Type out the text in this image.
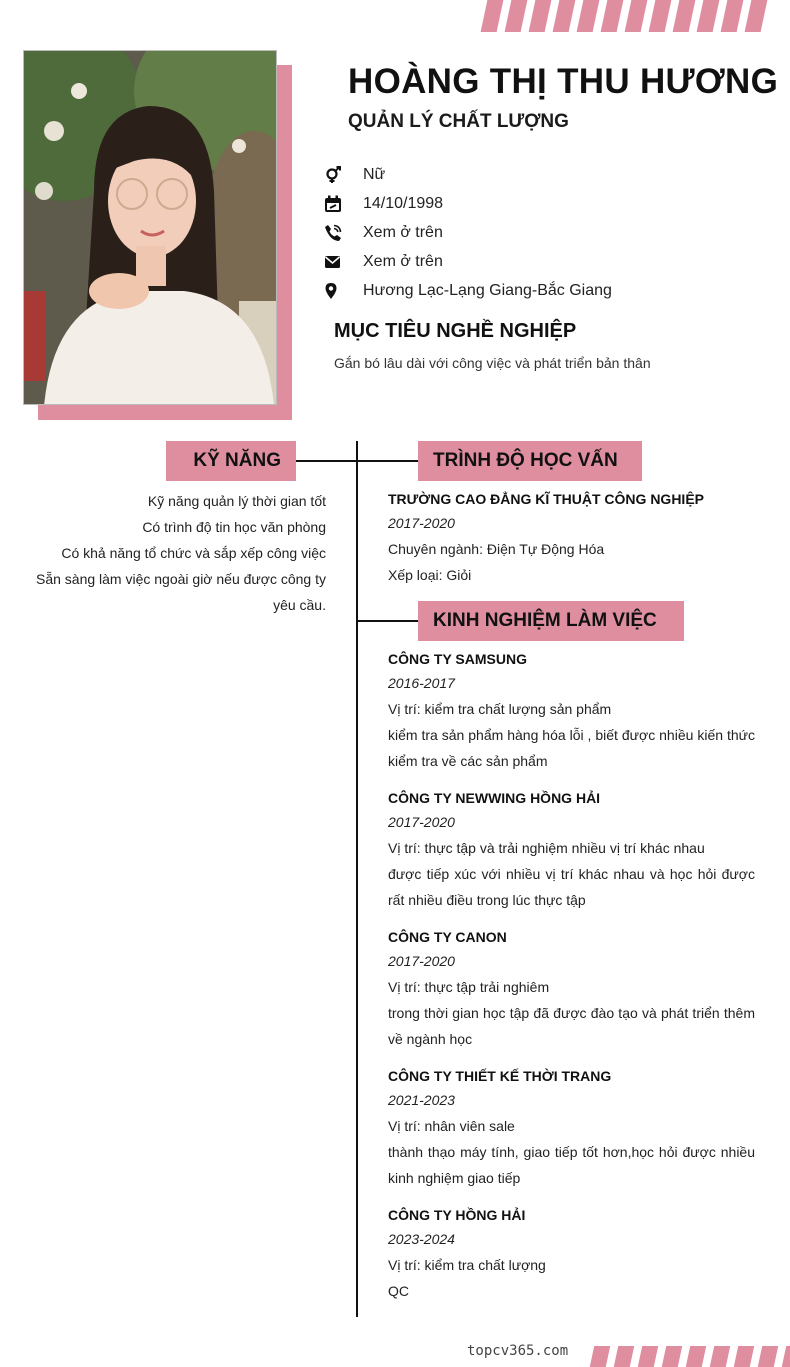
HOÀNG THỊ THU HƯƠNG
QUẢN LÝ CHẤT LƯỢNG
Nữ
14/10/1998
Xem ở trên
Xem ở trên
Hương Lạc-Lạng Giang-Bắc Giang
MỤC TIÊU NGHỀ NGHIỆP
Gắn bó lâu dài với công việc và phát triển bản thân
KỸ NĂNG	TRÌNH ĐỘ HỌC VẤN
KINH NGHIỆM LÀM VIỆC
Kỹ năng quản lý thời gian tốt
Có trình độ tin học văn phòng
Có khả năng tổ chức và sắp xếp công việc
Sẵn sàng làm việc ngoài giờ nếu được công ty yêu cầu.
TRƯỜNG CAO ĐẲNG KĨ THUẬT CÔNG NGHIỆP
2017-2020
Chuyên ngành: Điện Tự Động Hóa
Xếp loại: Giỏi
CÔNG TY SAMSUNG
2016-2017
Vị trí: kiểm tra chất lượng sản phẩm
kiểm tra sản phẩm hàng hóa lỗi , biết được nhiều kiến thức kiểm tra về các sản phẩm
CÔNG TY NEWWING HỒNG HẢI
2017-2020
Vị trí: thực tập và trải nghiệm nhiều vị trí khác nhau
được tiếp xúc với nhiều vị trí khác nhau và học hỏi được rất nhiều điều trong lúc thực tập
CÔNG TY CANON
2017-2020
Vị trí: thực tập trải nghiêm
trong thời gian học tập đã được đào tạo và phát triển thêm về ngành học
CÔNG TY THIẾT KẾ THỜI TRANG
2021-2023
Vị trí: nhân viên sale
thành thạo máy tính, giao tiếp tốt hơn,học hỏi được nhiều kinh nghiệm giao tiếp
CÔNG TY HỒNG HẢI
2023-2024
Vị trí: kiểm tra chất lượng
QC
topcv365.com
